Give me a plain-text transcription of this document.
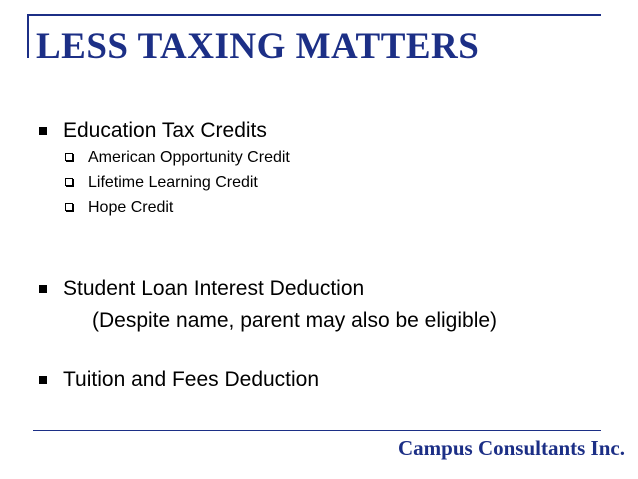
LESS TAXING MATTERS
Education Tax Credits
American Opportunity Credit
Lifetime Learning Credit
Hope Credit
Student Loan Interest Deduction
(Despite name, parent may also be eligible)
Tuition and Fees Deduction
Campus Consultants Inc.
